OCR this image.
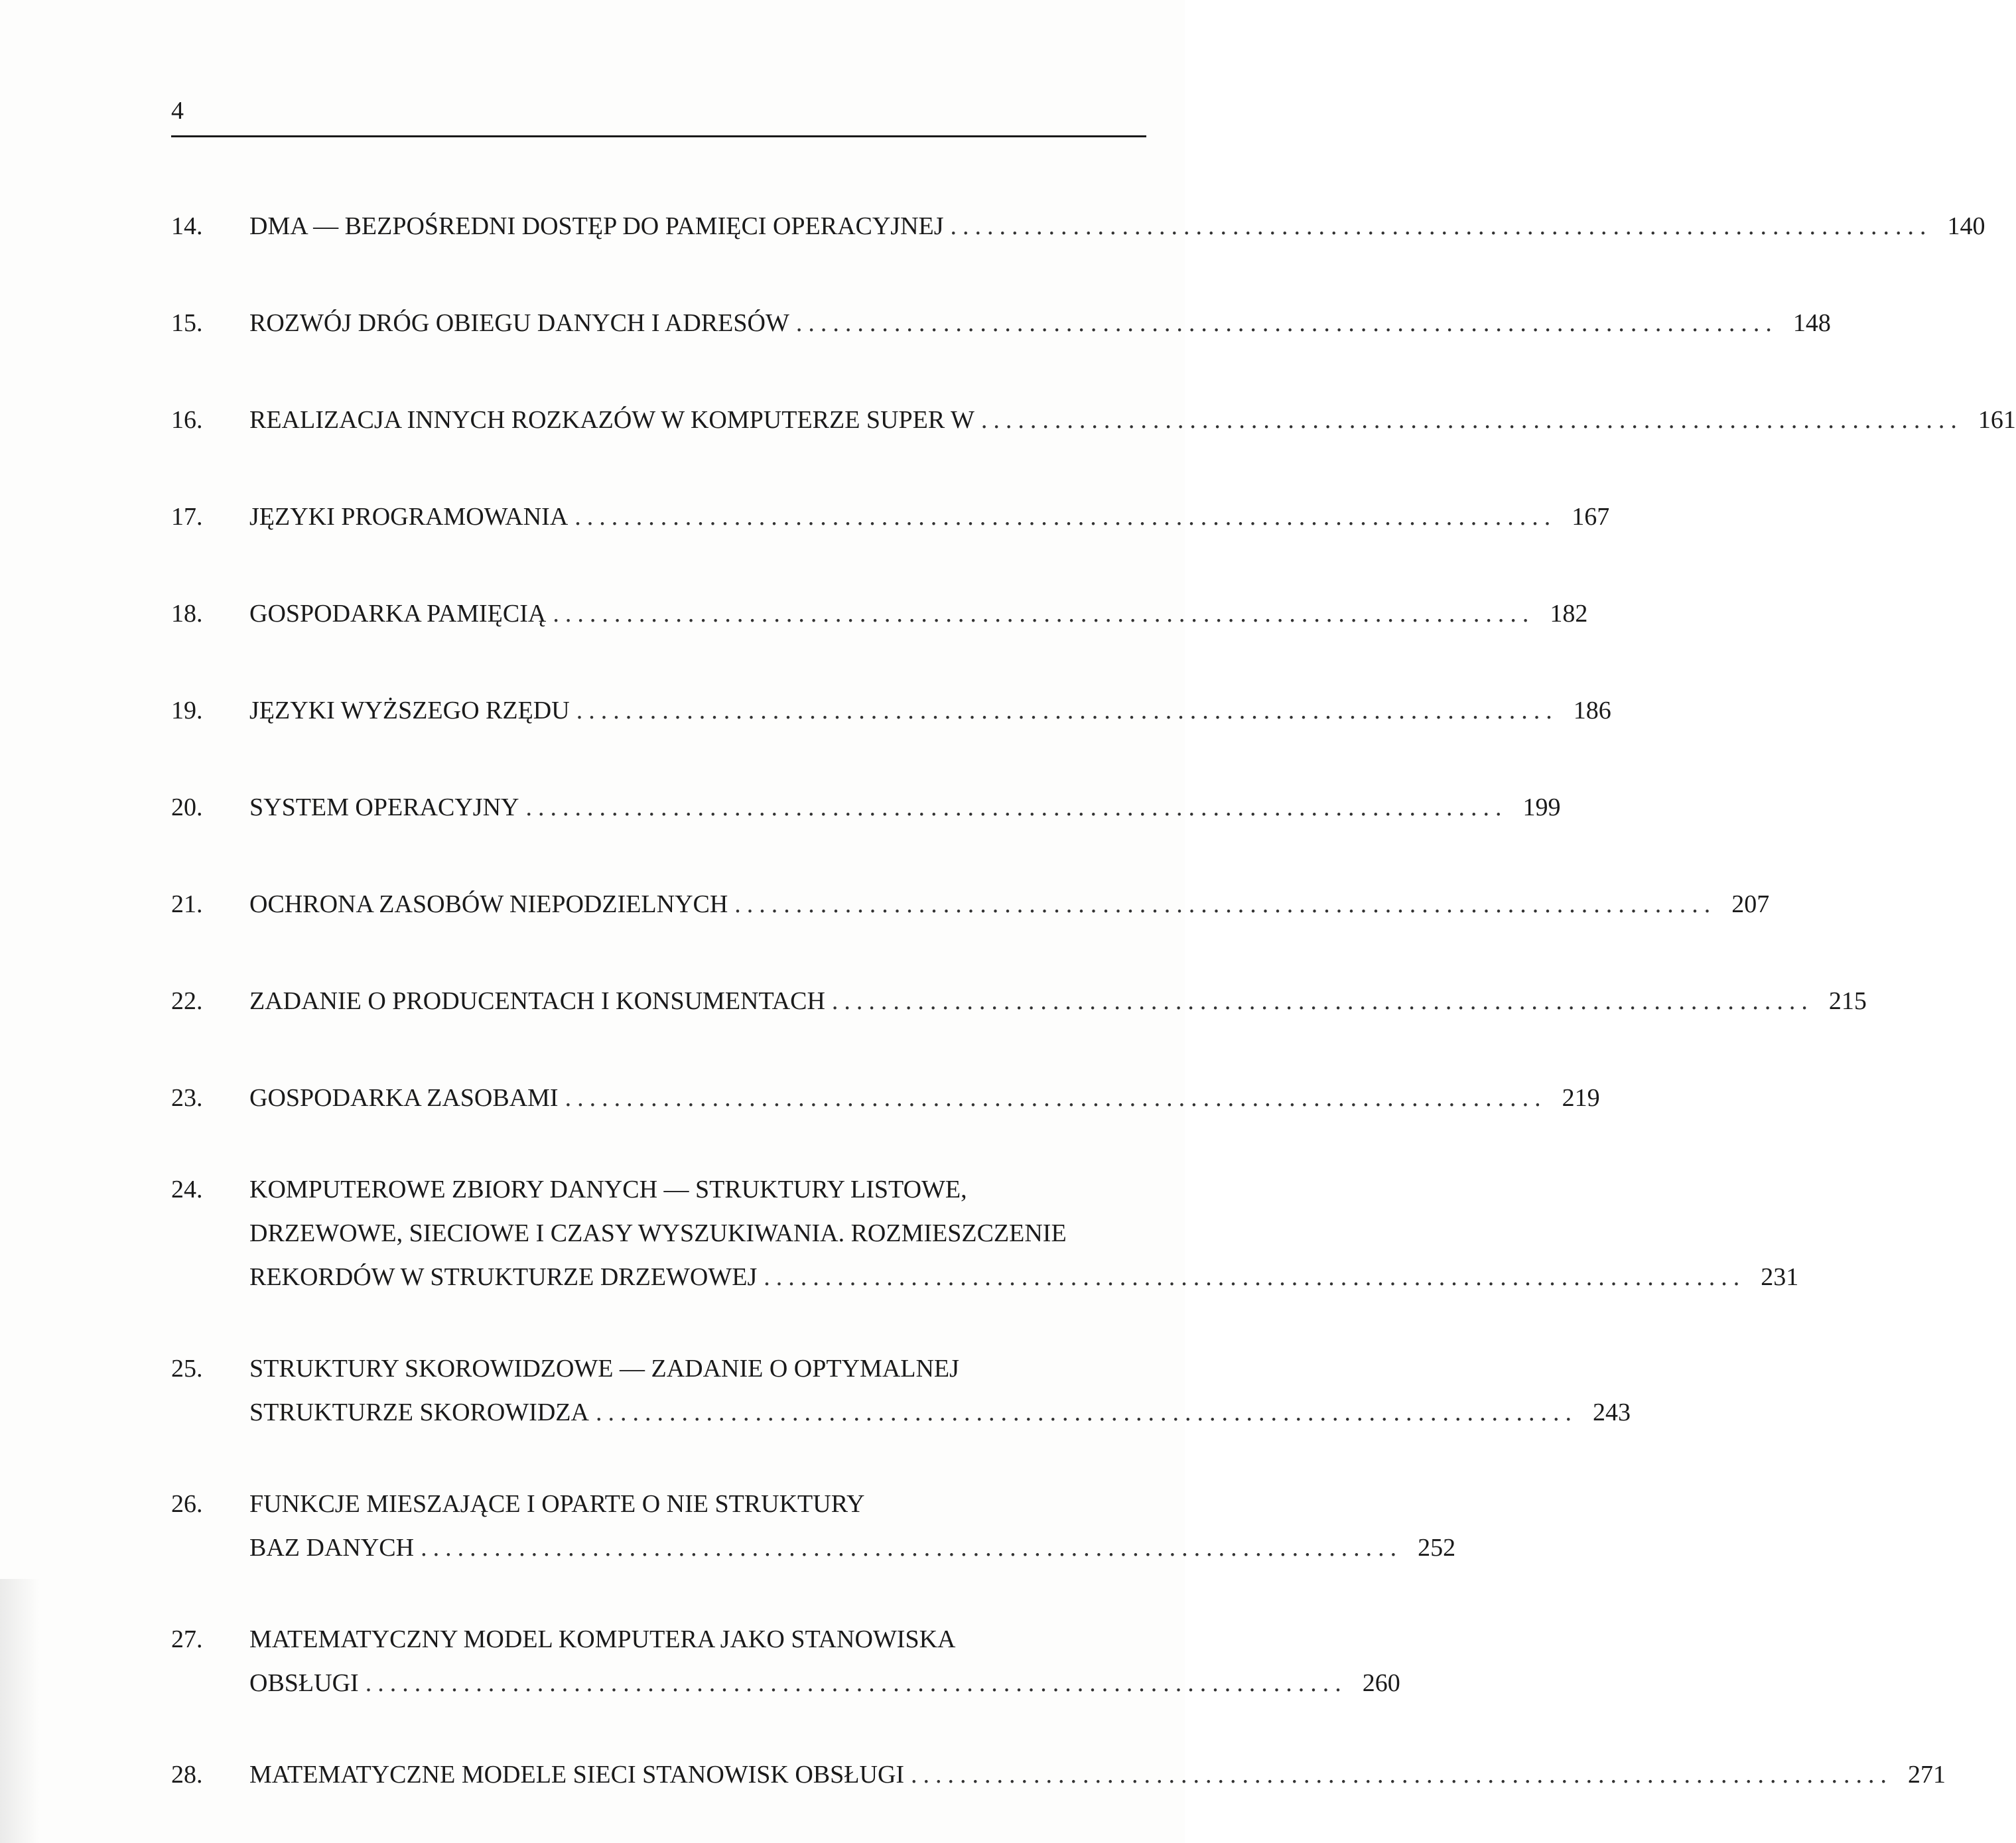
4
14.	DMA — BEZPOŚREDNI DOSTĘP DO PAMIĘCI OPERACYJNEJ ................................................................................ 140
15.	ROZWÓJ DRÓG OBIEGU DANYCH I ADRESÓW ................................................................................ 148
16.	REALIZACJA INNYCH ROZKAZÓW W KOMPUTERZE SUPER W ................................................................................ 161
17.	JĘZYKI PROGRAMOWANIA ................................................................................ 167
18.	GOSPODARKA PAMIĘCIĄ ................................................................................ 182
19.	JĘZYKI WYŻSZEGO RZĘDU ................................................................................ 186
20.	SYSTEM OPERACYJNY ................................................................................ 199
21.	OCHRONA ZASOBÓW NIEPODZIELNYCH ................................................................................ 207
22.	ZADANIE O PRODUCENTACH I KONSUMENTACH ................................................................................ 215
23.	GOSPODARKA ZASOBAMI ................................................................................ 219
24.	KOMPUTEROWE ZBIORY DANYCH — STRUKTURY LISTOWE,
DRZEWOWE, SIECIOWE I CZASY WYSZUKIWANIA. ROZMIESZCZENIE
REKORDÓW W STRUKTURZE DRZEWOWEJ ................................................................................ 231
25.	STRUKTURY SKOROWIDZOWE — ZADANIE O OPTYMALNEJ
STRUKTURZE SKOROWIDZA ................................................................................ 243
26.	FUNKCJE MIESZAJĄCE I OPARTE O NIE STRUKTURY
BAZ DANYCH ................................................................................ 252
27.	MATEMATYCZNY MODEL KOMPUTERA JAKO STANOWISKA
OBSŁUGI ................................................................................ 260
28.	MATEMATYCZNE MODELE SIECI STANOWISK OBSŁUGI ................................................................................ 271
